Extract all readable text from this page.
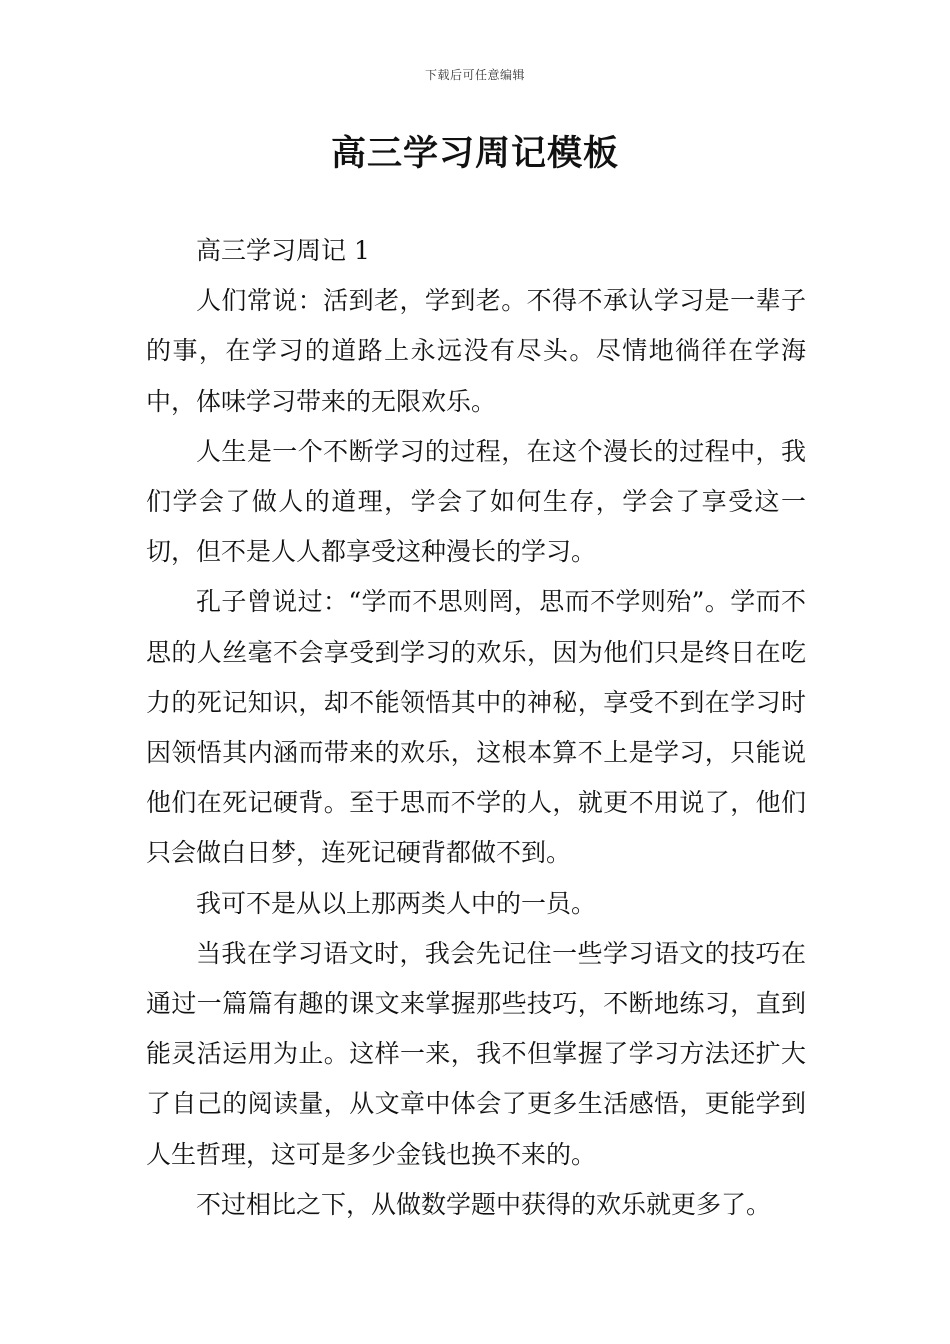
下载后可任意编辑
高三学习周记模板

高三学习周记 1

人们常说：活到老，学到老。不得不承认学习是一辈子的事，在学习的道路上永远没有尽头。尽情地徜徉在学海中，体味学习带来的无限欢乐。

人生是一个不断学习的过程，在这个漫长的过程中，我们学会了做人的道理，学会了如何生存，学会了享受这一切，但不是人人都享受这种漫长的学习。

孔子曾说过：“学而不思则罔，思而不学则殆”。学而不思的人丝毫不会享受到学习的欢乐，因为他们只是终日在吃力的死记知识，却不能领悟其中的神秘，享受不到在学习时因领悟其内涵而带来的欢乐，这根本算不上是学习，只能说他们在死记硬背。至于思而不学的人，就更不用说了，他们只会做白日梦，连死记硬背都做不到。

我可不是从以上那两类人中的一员。

当我在学习语文时，我会先记住一些学习语文的技巧在通过一篇篇有趣的课文来掌握那些技巧，不断地练习，直到能灵活运用为止。这样一来，我不但掌握了学习方法还扩大了自己的阅读量，从文章中体会了更多生活感悟，更能学到人生哲理，这可是多少金钱也换不来的。

不过相比之下，从做数学题中获得的欢乐就更多了。
